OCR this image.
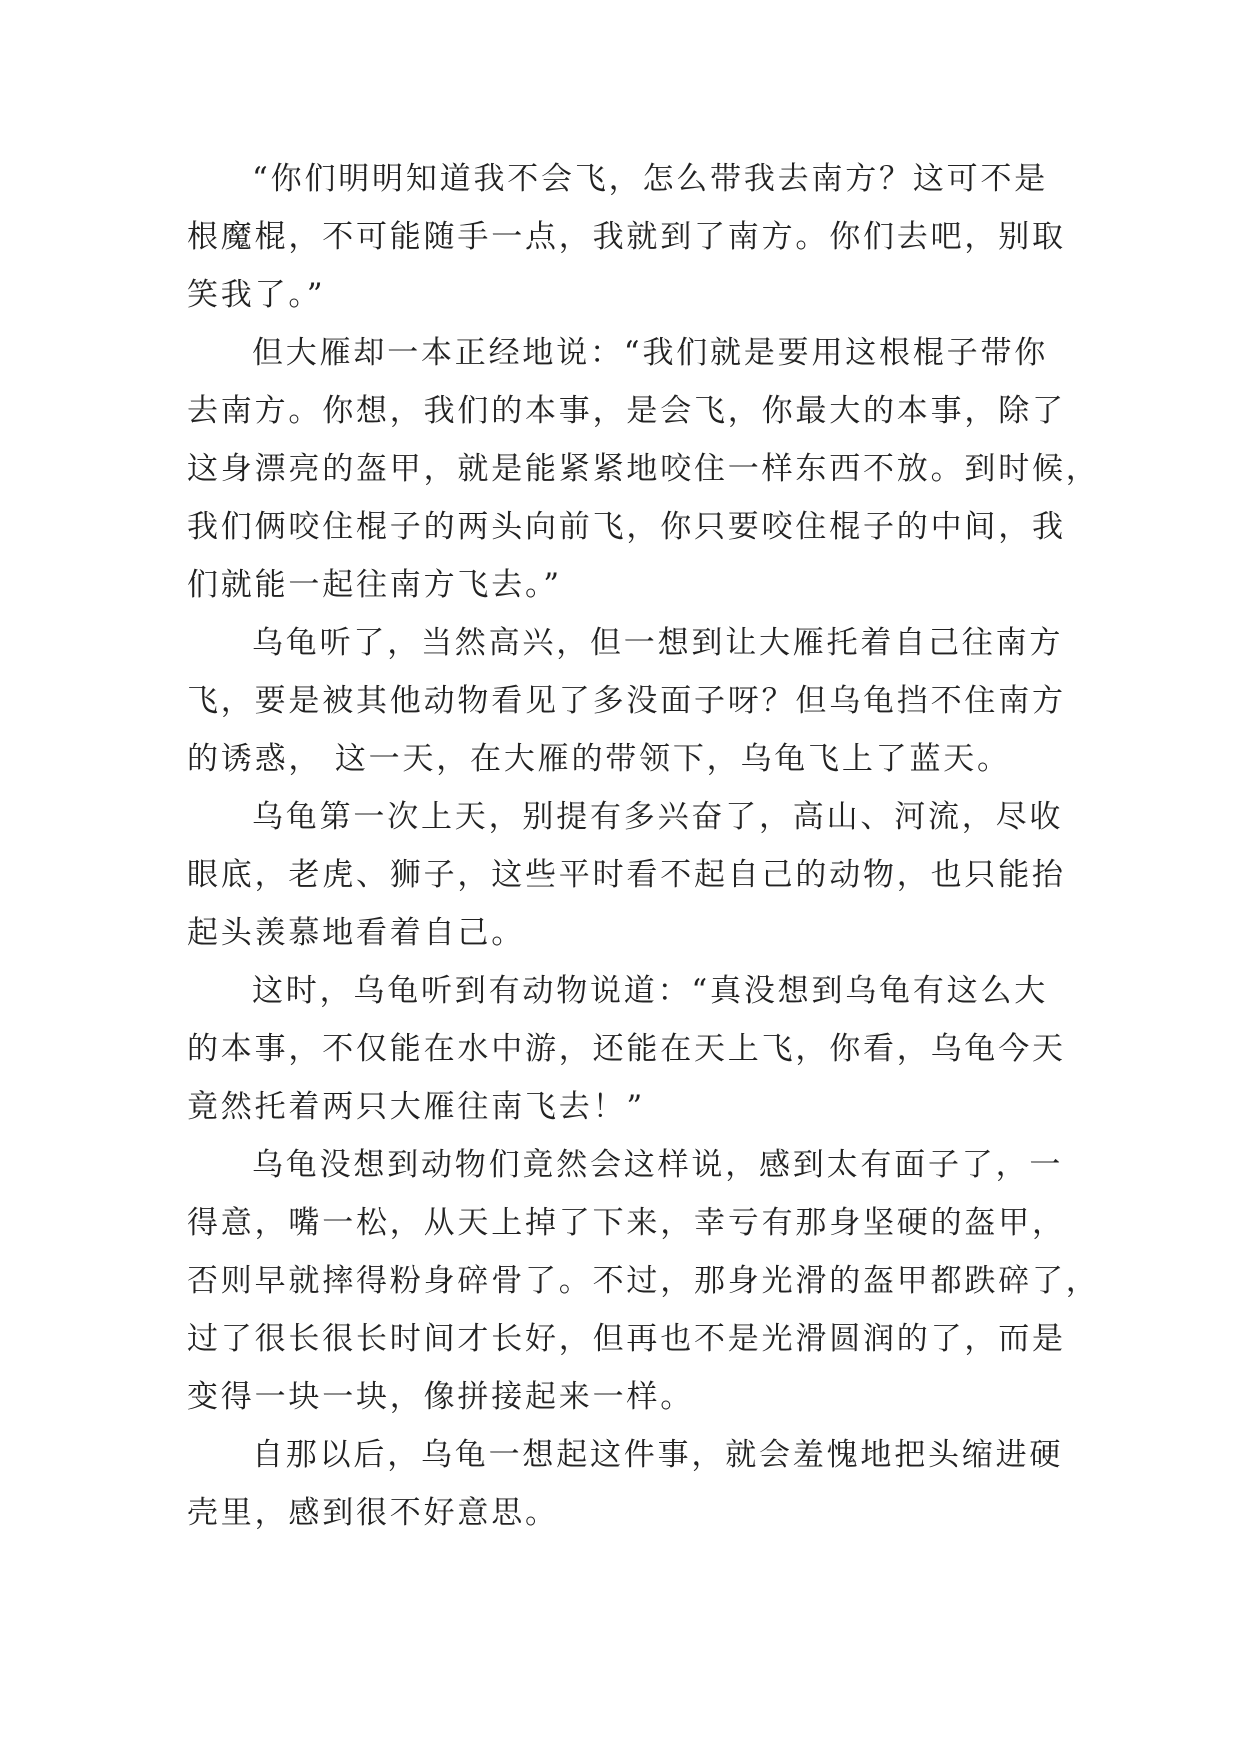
“你们明明知道我不会飞，怎么带我去南方？这可不是
根魔棍，不可能随手一点，我就到了南方。你们去吧，别取
笑我了。”
但大雁却一本正经地说：“我们就是要用这根棍子带你
去南方。你想，我们的本事，是会飞，你最大的本事，除了
这身漂亮的盔甲，就是能紧紧地咬住一样东西不放。到时候，
我们俩咬住棍子的两头向前飞，你只要咬住棍子的中间，我
们就能一起往南方飞去。”
乌龟听了，当然高兴，但一想到让大雁托着自己往南方
飞，要是被其他动物看见了多没面子呀？但乌龟挡不住南方
的诱惑， 这一天，在大雁的带领下，乌龟飞上了蓝天。
乌龟第一次上天，别提有多兴奋了，高山、河流，尽收
眼底，老虎、狮子，这些平时看不起自己的动物，也只能抬
起头羡慕地看着自己。
这时，乌龟听到有动物说道：“真没想到乌龟有这么大
的本事，不仅能在水中游，还能在天上飞，你看，乌龟今天
竟然托着两只大雁往南飞去！”
乌龟没想到动物们竟然会这样说，感到太有面子了，一
得意，嘴一松，从天上掉了下来，幸亏有那身坚硬的盔甲，
否则早就摔得粉身碎骨了。不过，那身光滑的盔甲都跌碎了，
过了很长很长时间才长好，但再也不是光滑圆润的了，而是
变得一块一块，像拼接起来一样。
自那以后，乌龟一想起这件事，就会羞愧地把头缩进硬
壳里，感到很不好意思。
